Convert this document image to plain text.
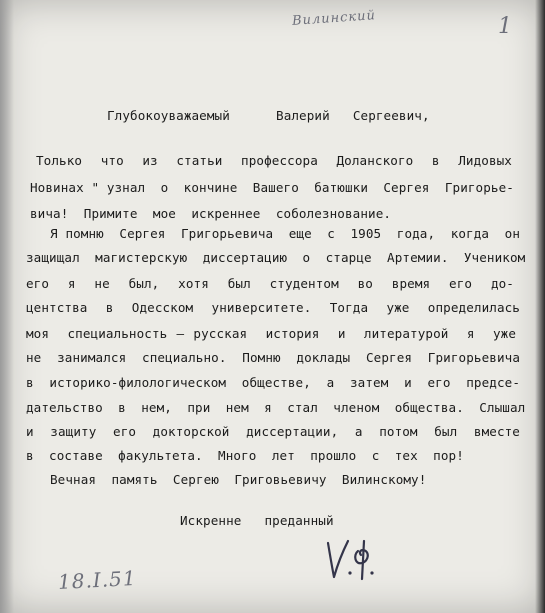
Вилинский	1
Глубокоуважаемый      Валерий   Сергеевич,
Только  что  из  статьи  профессора  Доланского  в  Лидовых
Новинах " узнал  о  кончине  Вашего  батюшки  Сергея  Григорье-
вича!  Примите  мое  искреннее  соболезнование.
Я помню  Сергея  Григорьевича  еще  с  1905  года,  когда  он
защищал  магистерскую  диссертацию  о  старце  Артемии.  Учеником
его  я  не  был,  хотя  был  студентом  во  время  его  до-
центства  в  Одесском  университете.  Тогда  уже  определилась
моя  специальность – русская  история  и  литературой  я  уже
не  занимался  специально.  Помню  доклады  Сергея  Григорьевича
в  историко-филологическом  обществе,  а  затем  и  его  предсе-
дательство  в  нем,  при  нем  я  стал  членом  общества.  Слышал
и  защиту  его  докторской  диссертации,  а  потом  был  вместе
в  составе  факультета.  Много  лет  прошло  с  тех  пор!
Вечная  память  Сергею  Григовьевичу  Вилинскому!
Искренне   преданный
18.I.51
